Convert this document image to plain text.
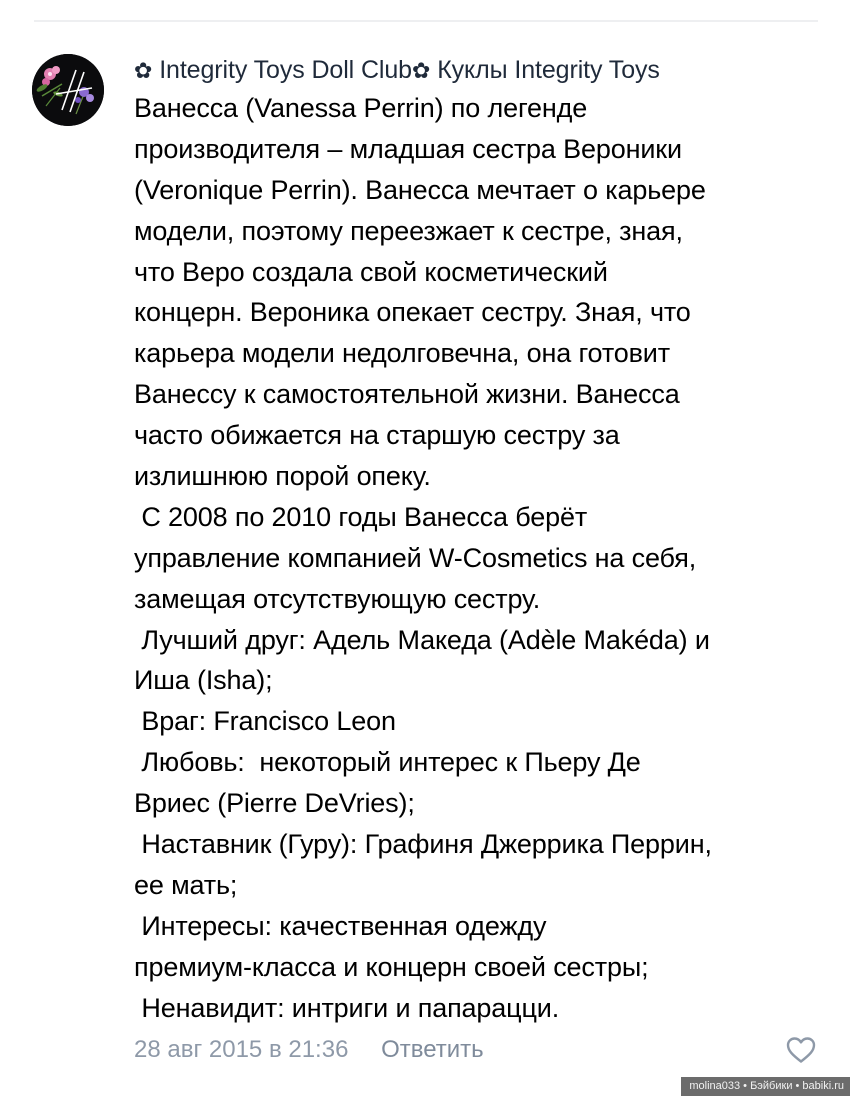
✿ Integrity Toys Doll Club✿ Куклы Integrity Toys
Ванесса (Vanessa Perrin) по легенде
производителя – младшая сестра Вероники
(Veronique Perrin). Ванесса мечтает о карьере
модели, поэтому переезжает к сестре, зная,
что Веро создала свой косметический
концерн. Вероника опекает сестру. Зная, что
карьера модели недолговечна, она готовит
Ванессу к самостоятельной жизни. Ванесса
часто обижается на старшую сестру за
излишнюю порой опеку.
С 2008 по 2010 годы Ванесса берёт
управление компанией W-Cosmetics на себя,
замещая отсутствующую сестру.
Лучший друг: Адель Македа (Adèle Makéda) и
Иша (Isha);
Враг: Francisco Leon
Любовь:  некоторый интерес к Пьеру Де
Вриес (Pierre DeVries);
Наставник (Гуру): Графиня Джеррика Перрин,
ее мать;
Интересы: качественная одежду
премиум-класса и концерн своей сестры;
Ненавидит: интриги и папарацци.
28 авг 2015 в 21:36 Ответить
molina033 • Бэйбики • babiki.ru
